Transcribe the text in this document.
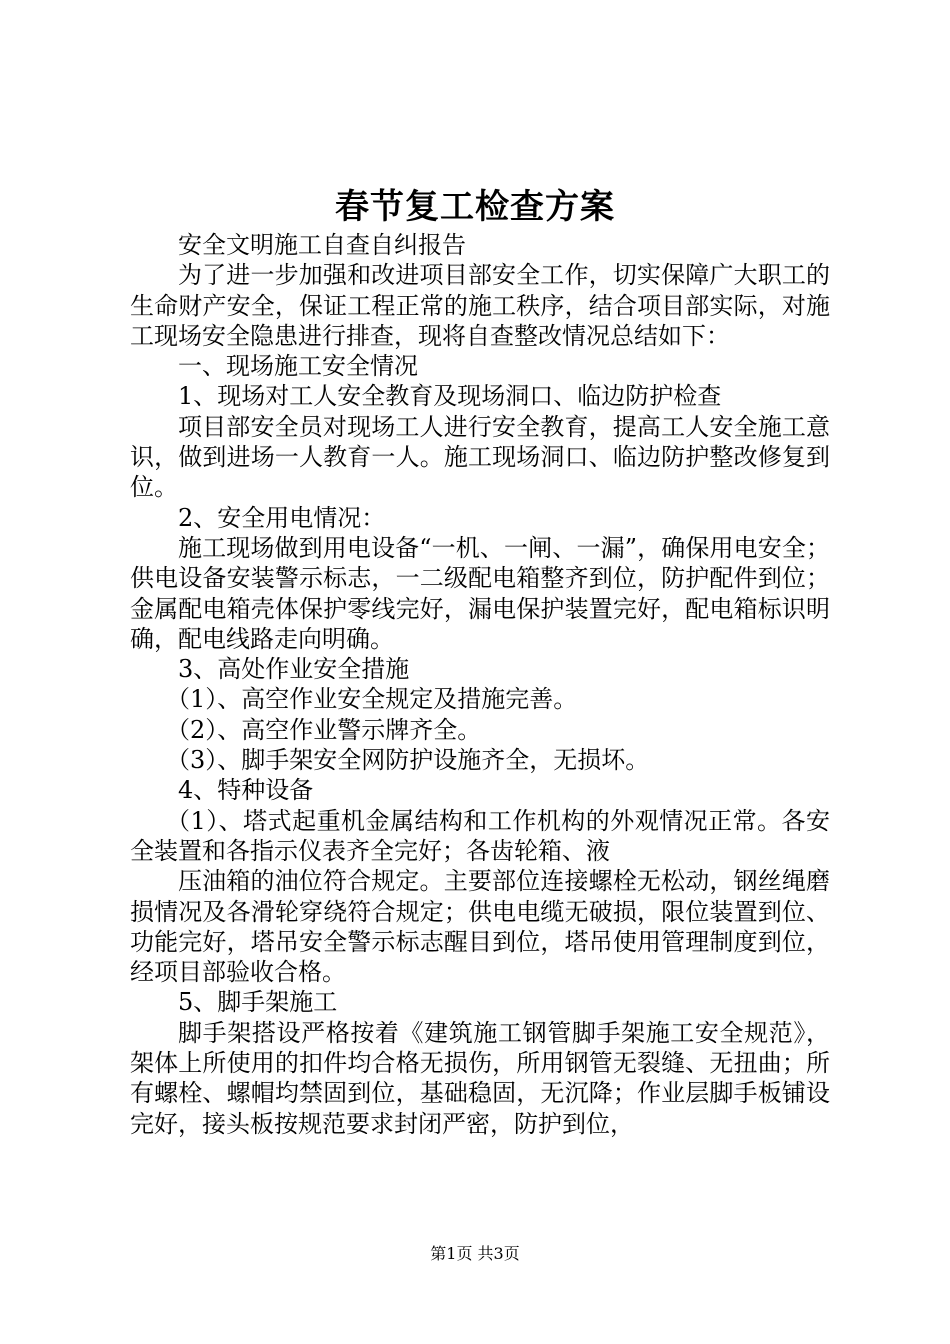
春节复工检查方案

安全文明施工自查自纠报告

为了进一步加强和改进项目部安全工作，切实保障广大职工的生命财产安全，保证工程正常的施工秩序，结合项目部实际，对施工现场安全隐患进行排查，现将自查整改情况总结如下：

一、现场施工安全情况

1、现场对工人安全教育及现场洞口、临边防护检查

项目部安全员对现场工人进行安全教育，提高工人安全施工意识，做到进场一人教育一人。施工现场洞口、临边防护整改修复到位。

2、安全用电情况：

施工现场做到用电设备“一机、一闸、一漏”，确保用电安全；供电设备安装警示标志，一二级配电箱整齐到位，防护配件到位；金属配电箱壳体保护零线完好，漏电保护装置完好，配电箱标识明确，配电线路走向明确。

3、高处作业安全措施

（1）、高空作业安全规定及措施完善。

（2）、高空作业警示牌齐全。

（3）、脚手架安全网防护设施齐全，无损坏。

4、特种设备

（1）、塔式起重机金属结构和工作机构的外观情况正常。各安全装置和各指示仪表齐全完好；各齿轮箱、液

压油箱的油位符合规定。主要部位连接螺栓无松动，钢丝绳磨损情况及各滑轮穿绕符合规定；供电电缆无破损，限位装置到位、功能完好，塔吊安全警示标志醒目到位，塔吊使用管理制度到位，经项目部验收合格。

5、脚手架施工

脚手架搭设严格按着《建筑施工钢管脚手架施工安全规范》，架体上所使用的扣件均合格无损伤，所用钢管无裂缝、无扭曲；所有螺栓、螺帽均禁固到位，基础稳固，无沉降；作业层脚手板铺设完好，接头板按规范要求封闭严密，防护到位，

第1页 共3页
